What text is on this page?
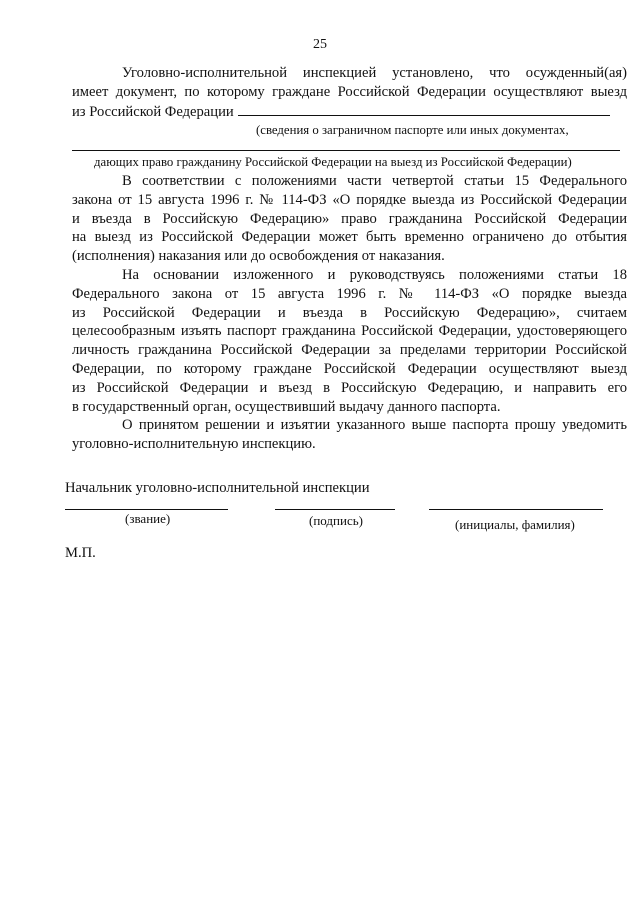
25
Уголовно-исполнительной инспекцией установлено, что осужденный(ая)
имеет документ, по которому граждане Российской Федерации осуществляют выезд
из Российской Федерации
(сведения о заграничном паспорте или иных документах,
дающих право гражданину Российской Федерации на выезд из Российской Федерации)
В соответствии с положениями части четвертой статьи 15 Федерального
закона от 15 августа 1996 г. № 114-ФЗ «О порядке выезда из Российской Федерации
и въезда в Российскую Федерацию» право гражданина Российской Федерации
на выезд из Российской Федерации может быть временно ограничено до отбытия
(исполнения) наказания или до освобождения от наказания.
На основании изложенного и руководствуясь положениями статьи 18
Федерального закона от 15 августа 1996 г. № 114-ФЗ «О порядке выезда
из Российской Федерации и въезда в Российскую Федерацию», считаем
целесообразным изъять паспорт гражданина Российской Федерации, удостоверяющего
личность гражданина Российской Федерации за пределами территории Российской
Федерации, по которому граждане Российской Федерации осуществляют выезд
из Российской Федерации и въезд в Российскую Федерацию, и направить его
в государственный орган, осуществивший выдачу данного паспорта.
О принятом решении и изъятии указанного выше паспорта прошу уведомить
уголовно-исполнительную инспекцию.
Начальник уголовно-исполнительной инспекции
(звание)	(подпись)	(инициалы, фамилия)
М.П.
